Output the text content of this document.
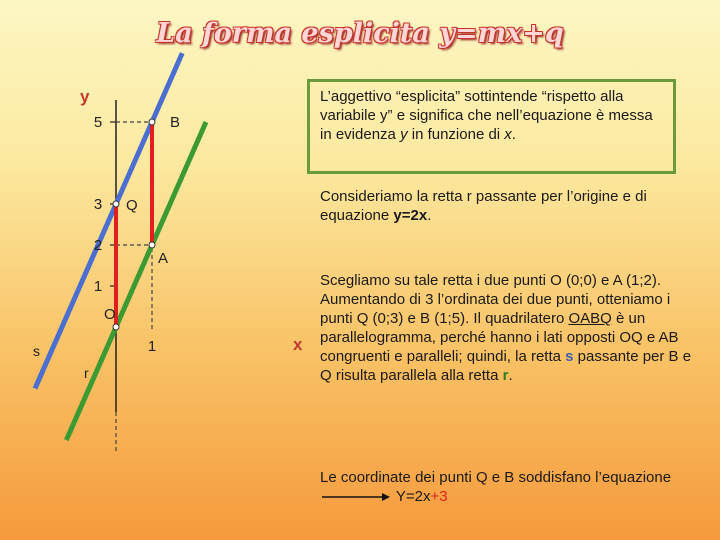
La forma esplicita y=mx+q
O
A
Q
B
5
3
2
1
1
y
x
s
r
L’aggettivo “esplicita” sottintende “rispetto alla variabile y” e significa che nell’equazione è messa in evidenza y in funzione di x.
Consideriamo la retta r passante per l’origine e di equazione y=2x.
Scegliamo su tale retta i due punti O (0;0) e A (1;2). Aumentando di 3 l’ordinata dei due punti, otteniamo i punti Q (0;3) e B (1;5). Il quadrilatero OABQ è un parallelogramma, perché hanno i lati opposti OQ e AB congruenti e paralleli; quindi, la retta s passante per B e Q risulta parallela alla retta r.
Le coordinate dei punti Q e B soddisfano l’equazione  Y=2x+3
